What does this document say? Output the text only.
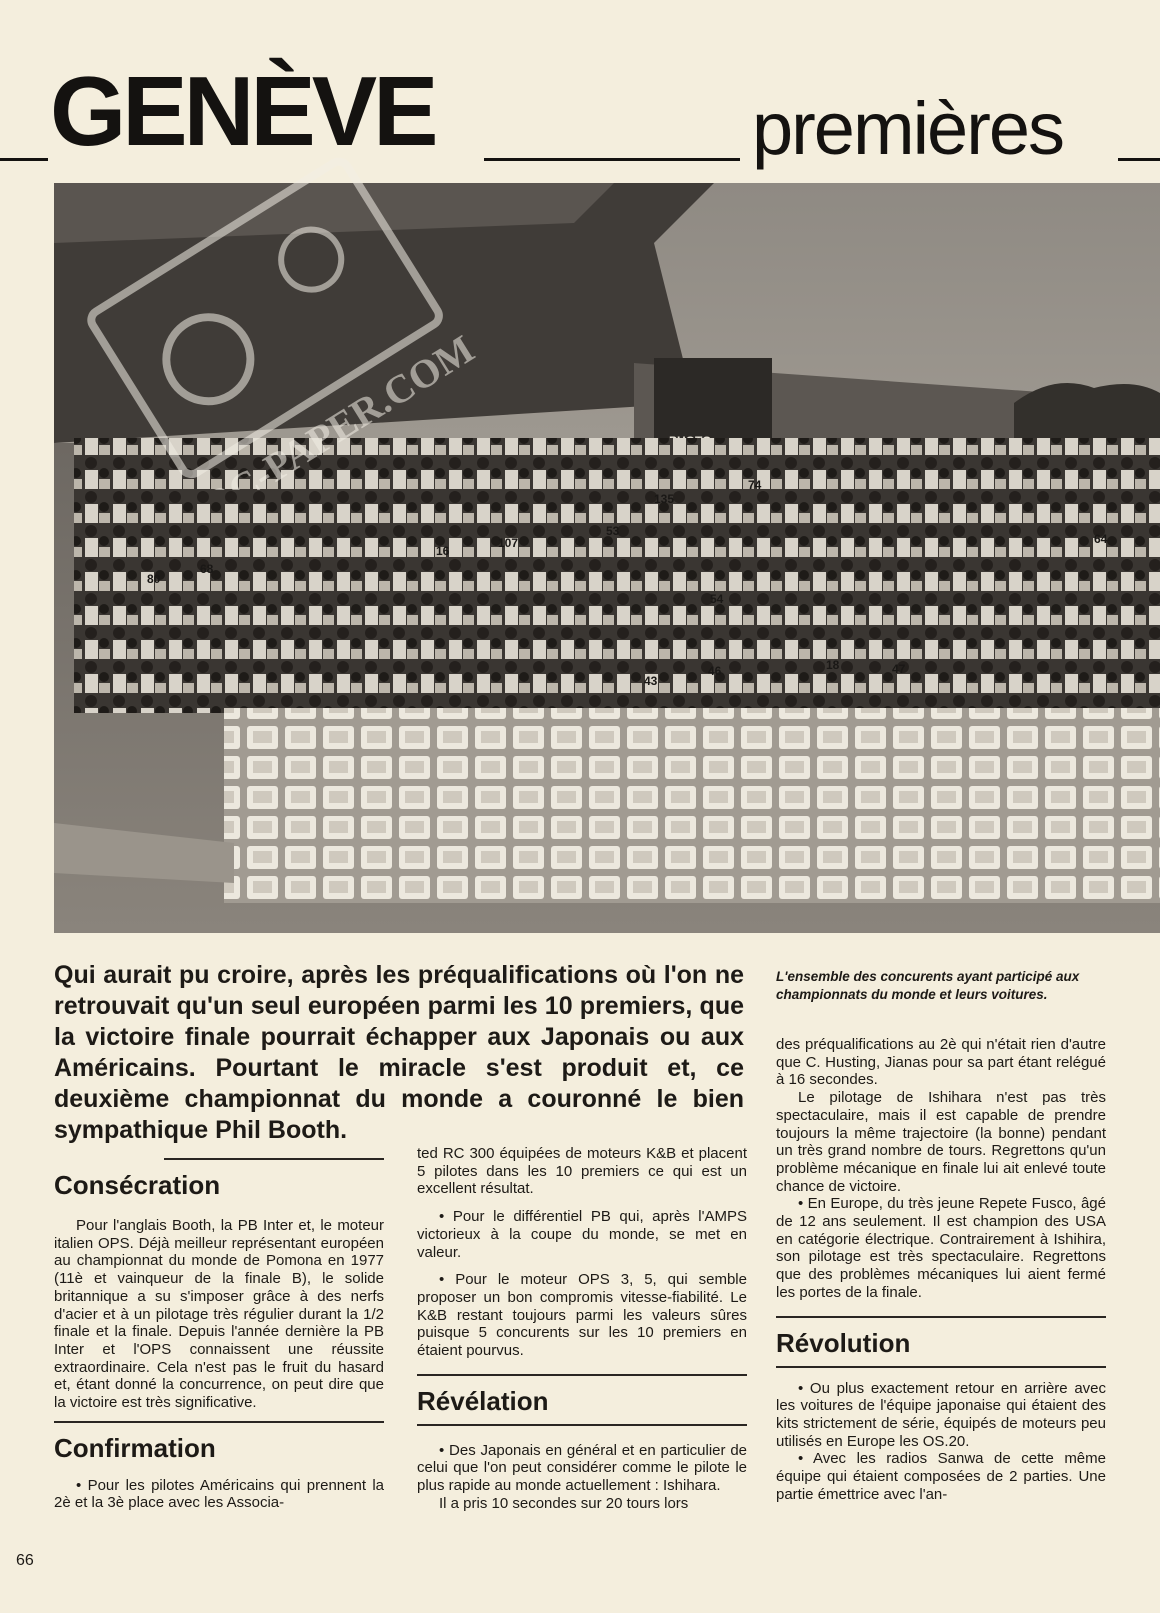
GENÈVE	premières
80
68
16
107
53
135
64
54
46	47
43
18
74
RC-PAPER.COM

Qui aurait pu croire, après les préqualifications où l'on ne retrouvait qu'un seul européen parmi les 10 premiers, que la victoire finale pourrait échapper aux Japonais ou aux Américains. Pourtant le miracle s'est produit et, ce deuxième championnat du monde a couronné le bien sympathique Phil Booth.

L'ensemble des concurents ayant participé aux championnats du monde et leurs voitures.

Consécration

Pour l'anglais Booth, la PB Inter et, le moteur italien OPS. Déjà meilleur représentant européen au championnat du monde de Pomona en 1977 (11è et vainqueur de la finale B), le solide britannique a su s'imposer grâce à des nerfs d'acier et à un pilotage très régulier durant la 1/2 finale et la finale. Depuis l'année dernière la PB Inter et l'OPS connaissent une réussite extraordinaire. Cela n'est pas le fruit du hasard et, étant donné la concurrence, on peut dire que la victoire est très significative.

Confirmation

• Pour les pilotes Américains qui prennent la 2è et la 3è place avec les Associa-

ted RC 300 équipées de moteurs K&B et placent 5 pilotes dans les 10 premiers ce qui est un excellent résultat.

• Pour le différentiel PB qui, après l'AMPS victorieux à la coupe du monde, se met en valeur.

• Pour le moteur OPS 3, 5, qui semble proposer un bon compromis vitesse-fiabilité. Le K&B restant toujours parmi les valeurs sûres puisque 5 concurents sur les 10 premiers en étaient pourvus.

Révélation

• Des Japonais en général et en particulier de celui que l'on peut considérer comme le pilote le plus rapide au monde actuellement : Ishihara.

Il a pris 10 secondes sur 20 tours lors

des préqualifications au 2è qui n'était rien d'autre que C. Husting, Jianas pour sa part étant relégué à 16 secondes.

Le pilotage de Ishihara n'est pas très spectaculaire, mais il est capable de prendre toujours la même trajectoire (la bonne) pendant un très grand nombre de tours. Regrettons qu'un problème mécanique en finale lui ait enlevé toute chance de victoire.

• En Europe, du très jeune Repete Fusco, âgé de 12 ans seulement. Il est champion des USA en catégorie électrique. Contrairement à Ishihira, son pilotage est très spectaculaire. Regrettons que des problèmes mécaniques lui aient fermé les portes de la finale.

Révolution

• Ou plus exactement retour en arrière avec les voitures de l'équipe japonaise qui étaient des kits strictement de série, équipés de moteurs peu utilisés en Europe les OS.20.

• Avec les radios Sanwa de cette même équipe qui étaient composées de 2 parties. Une partie émettrice avec l'an-

66
